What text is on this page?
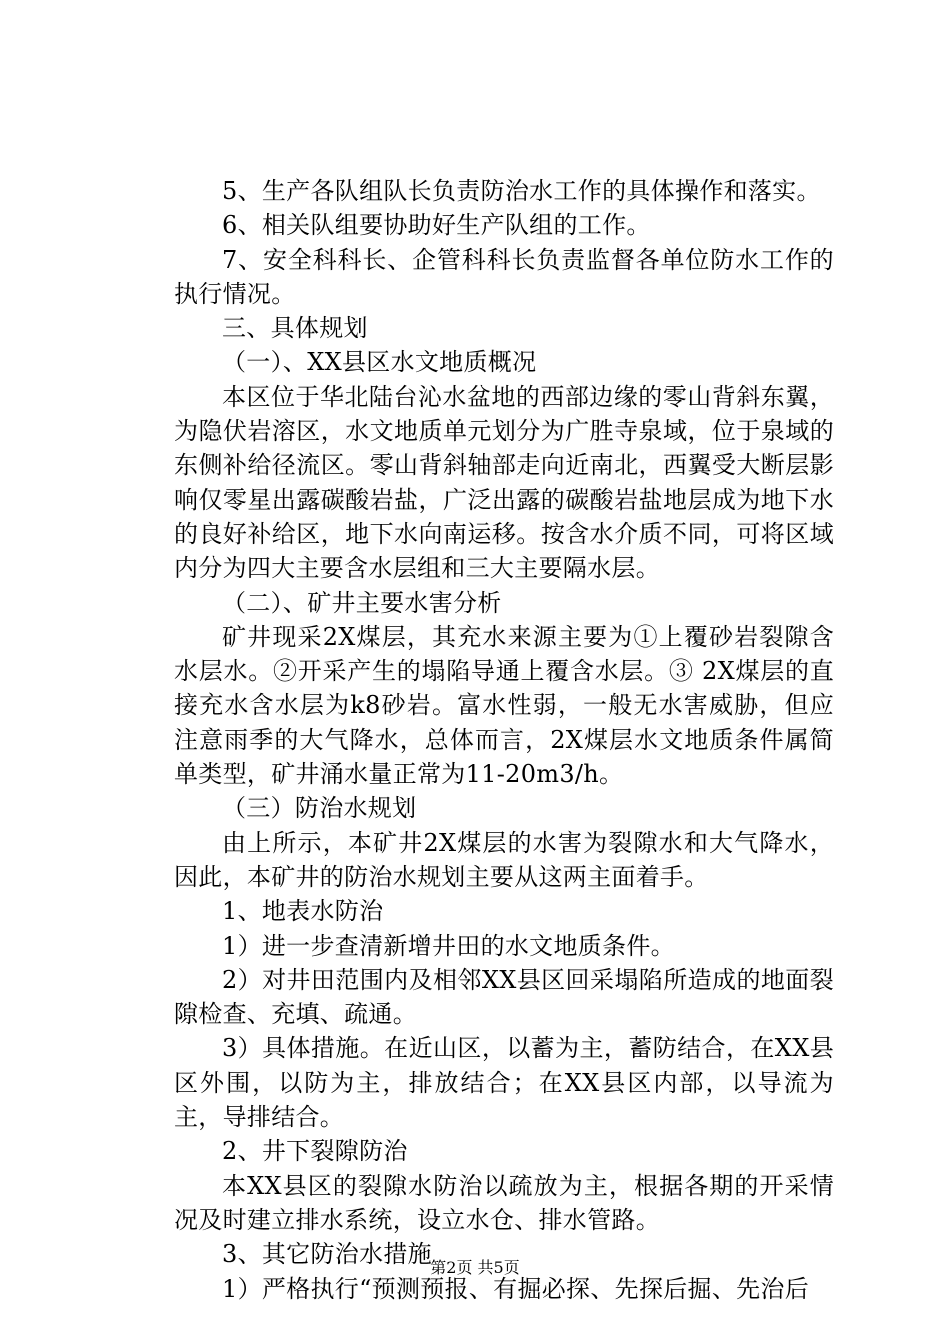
5、生产各队组队长负责防治水工作的具体操作和落实。

6、相关队组要协助好生产队组的工作。

7、安全科科长、企管科科长负责监督各单位防水工作的执行情况。

三、具体规划

（一）、XX县区水文地质概况

本区位于华北陆台沁水盆地的西部边缘的零山背斜东翼，为隐伏岩溶区，水文地质单元划分为广胜寺泉域，位于泉域的东侧补给径流区。零山背斜轴部走向近南北，西翼受大断层影响仅零星出露碳酸岩盐，广泛出露的碳酸岩盐地层成为地下水的良好补给区，地下水向南运移。按含水介质不同，可将区域内分为四大主要含水层组和三大主要隔水层。

（二）、矿井主要水害分析

矿井现采2X煤层，其充水来源主要为①上覆砂岩裂隙含水层水。②开采产生的塌陷导通上覆含水层。③ 2X煤层的直接充水含水层为k8砂岩。富水性弱，一般无水害威胁，但应注意雨季的大气降水，总体而言，2X煤层水文地质条件属简单类型，矿井涌水量正常为11-20m3/h。

（三）防治水规划

由上所示，本矿井2X煤层的水害为裂隙水和大气降水，因此，本矿井的防治水规划主要从这两主面着手。

1、地表水防治

1）进一步查清新增井田的水文地质条件。

2）对井田范围内及相邻XX县区回采塌陷所造成的地面裂隙检查、充填、疏通。

3）具体措施。在近山区，以蓄为主，蓄防结合，在XX县区外围，以防为主，排放结合；在XX县区内部，以导流为主，导排结合。

2、井下裂隙防治

本XX县区的裂隙水防治以疏放为主，根据各期的开采情况及时建立排水系统，设立水仓、排水管路。

3、其它防治水措施

1）严格执行“预测预报、有掘必探、先探后掘、先治后

第2页 共5页
